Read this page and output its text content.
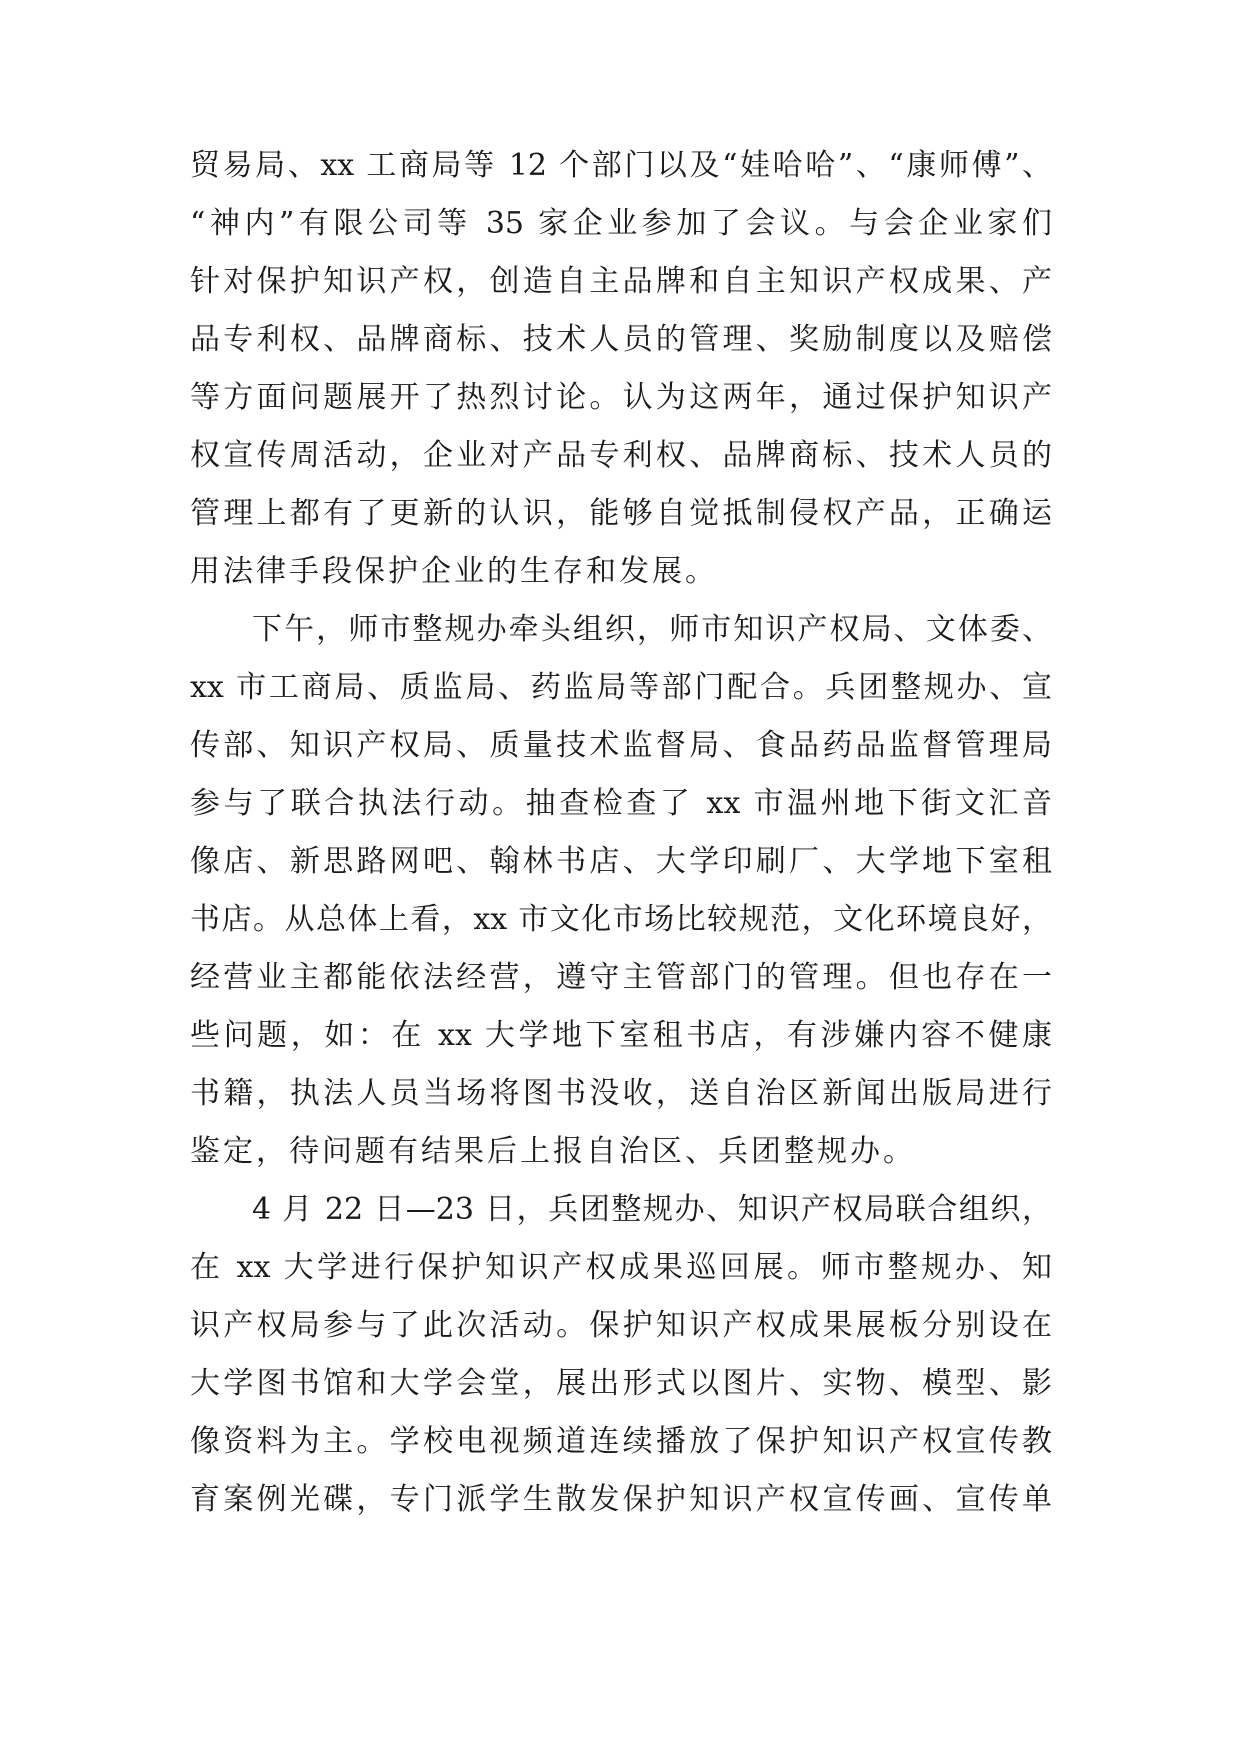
贸易局、xx 工商局等 12 个部门以及“娃哈哈”、“康师傅”、
“神内”有限公司等 35 家企业参加了会议。与会企业家们
针对保护知识产权，创造自主品牌和自主知识产权成果、产
品专利权、品牌商标、技术人员的管理、奖励制度以及赔偿
等方面问题展开了热烈讨论。认为这两年，通过保护知识产
权宣传周活动，企业对产品专利权、品牌商标、技术人员的
管理上都有了更新的认识，能够自觉抵制侵权产品，正确运
用法律手段保护企业的生存和发展。
下午，师市整规办牵头组织，师市知识产权局、文体委、
xx 市工商局、质监局、药监局等部门配合。兵团整规办、宣
传部、知识产权局、质量技术监督局、食品药品监督管理局
参与了联合执法行动。抽查检查了 xx 市温州地下街文汇音
像店、新思路网吧、翰林书店、大学印刷厂、大学地下室租
书店。从总体上看，xx 市文化市场比较规范，文化环境良好，
经营业主都能依法经营，遵守主管部门的管理。但也存在一
些问题，如：在 xx 大学地下室租书店，有涉嫌内容不健康
书籍，执法人员当场将图书没收，送自治区新闻出版局进行
鉴定，待问题有结果后上报自治区、兵团整规办。
4 月 22 日—23 日，兵团整规办、知识产权局联合组织，
在 xx 大学进行保护知识产权成果巡回展。师市整规办、知
识产权局参与了此次活动。保护知识产权成果展板分别设在
大学图书馆和大学会堂，展出形式以图片、实物、模型、影
像资料为主。学校电视频道连续播放了保护知识产权宣传教
育案例光碟，专门派学生散发保护知识产权宣传画、宣传单
